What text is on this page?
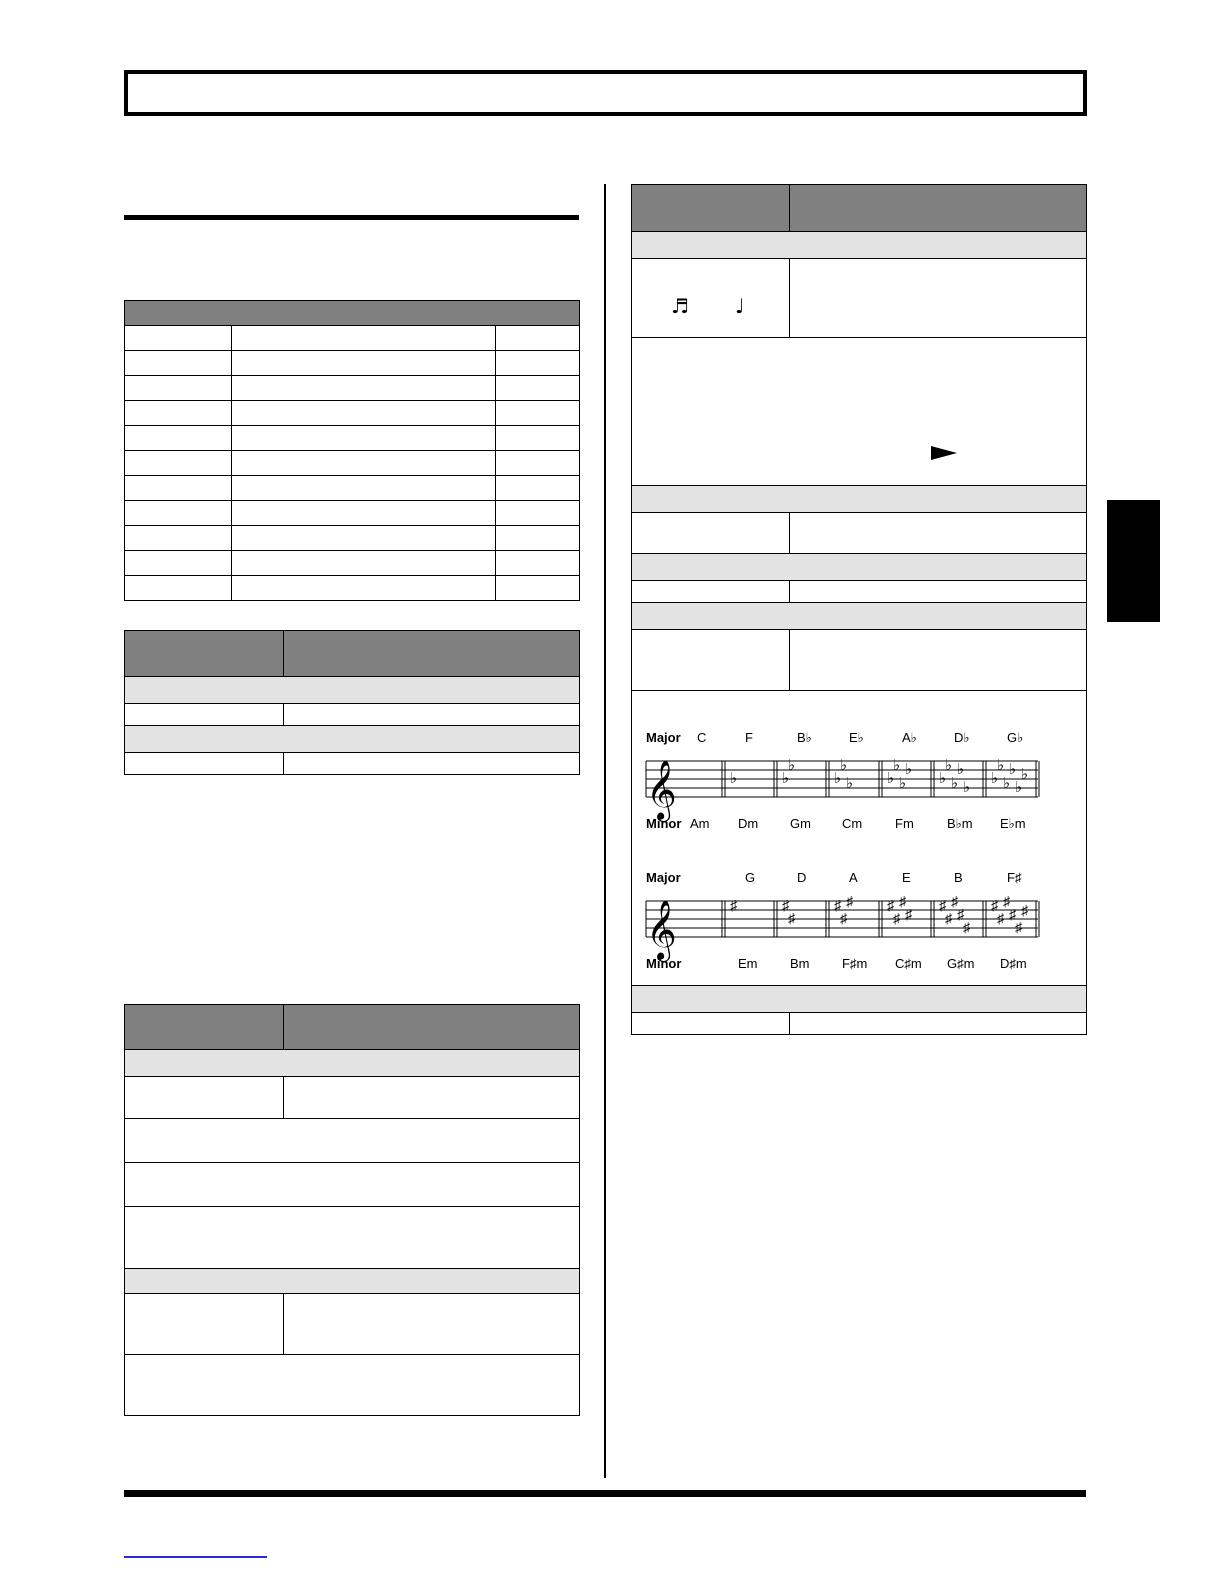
♬ ♩
Major C	F	B♭	E♭	A♭	D♭	G♭
𝄞	♭	♭
♭
♭
♭
♭ ♭
♭
♭
♭
♭
♭
♭
♭
♭
♭
♭
♭
♭
♭
♭
Minor Am Dm Gm Cm	Fm	B♭m E♭m
Major	G	D	A	E	B	F♯
𝄞	♯	♯
♯
♯
♯
♯ ♯
♯
♯
♯
♯
♯
♯
♯
♯
♯
♯
♯
♯
♯
♯
Minor	Em	Bm	F♯m C♯m G♯m D♯m
